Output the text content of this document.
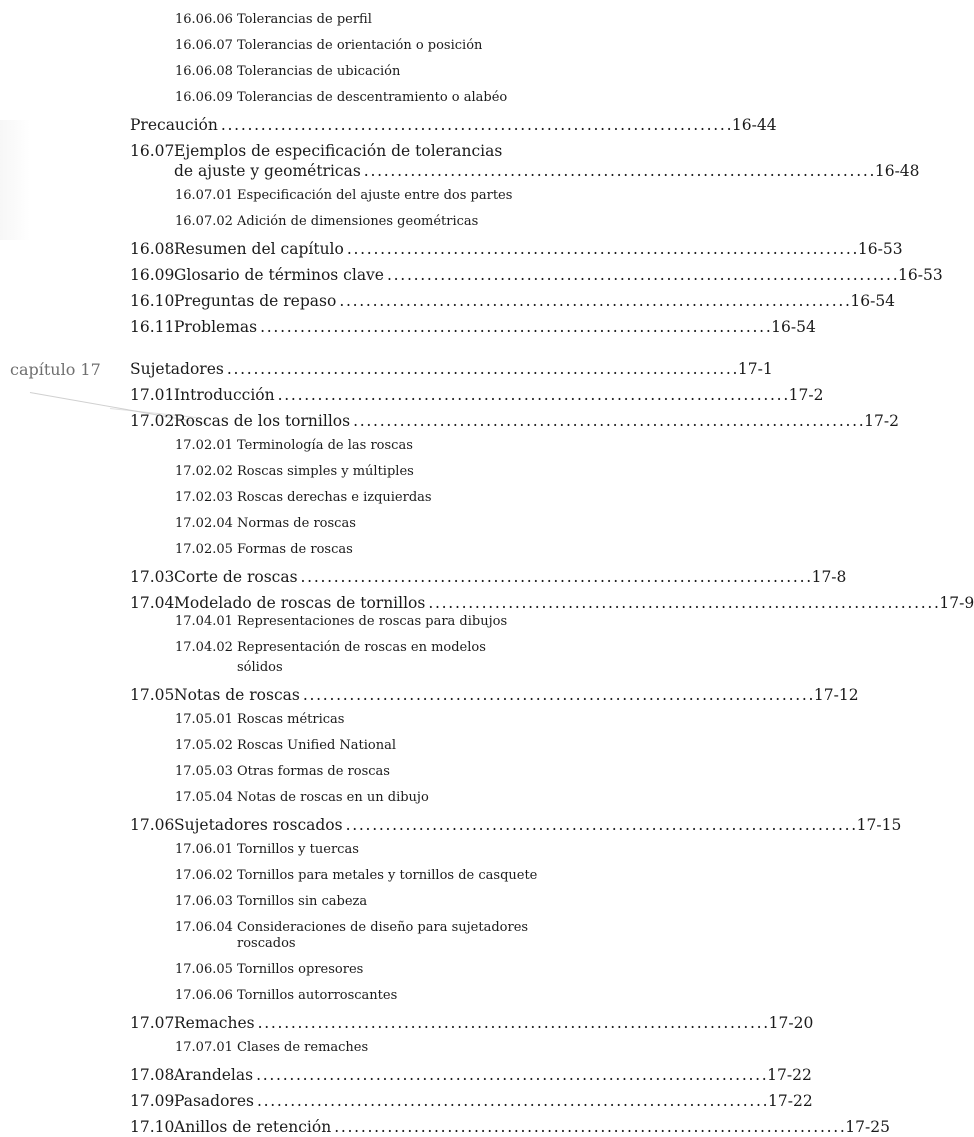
capítulo 17
16.06.06 Tolerancias de perfil
16.06.07 Tolerancias de orientación o posición
16.06.08 Tolerancias de ubicación
16.06.09 Tolerancias de descentramiento o alabéo
Precaución . . .	16-44
16.07 Ejemplos de especificación de tolerancias
de ajuste y geométricas . . .	16-48
16.07.01 Especificación del ajuste entre dos partes
16.07.02 Adición de dimensiones geométricas
16.08 Resumen del capítulo . . .	16-53
16.09 Glosario de términos clave . . .	16-53
16.10 Preguntas de repaso . . .	16-54
16.11 Problemas . . .	16-54
Sujetadores . . .	17-1
17.01 Introducción . . .	17-2
17.02 Roscas de los tornillos . . .	17-2
17.02.01 Terminología de las roscas
17.02.02 Roscas simples y múltiples
17.02.03 Roscas derechas e izquierdas
17.02.04 Normas de roscas
17.02.05 Formas de roscas
17.03 Corte de roscas . . .	17-8
17.04 Modelado de roscas de tornillos . . .	17-9
17.04.01 Representaciones de roscas para dibujos
17.04.02 Representación de roscas en modelos
sólidos
17.05 Notas de roscas . . .	17-12
17.05.01 Roscas métricas
17.05.02 Roscas Unified National
17.05.03 Otras formas de roscas
17.05.04 Notas de roscas en un dibujo
17.06 Sujetadores roscados . . .	17-15
17.06.01 Tornillos y tuercas
17.06.02 Tornillos para metales y tornillos de casquete
17.06.03 Tornillos sin cabeza
17.06.04 Consideraciones de diseño para sujetadores
roscados
17.06.05 Tornillos opresores
17.06.06 Tornillos autorroscantes
17.07 Remaches . . .	17-20
17.07.01 Clases de remaches
17.08 Arandelas . . .	17-22
17.09 Pasadores . . .	17-22
17.10 Anillos de retención . . .	17-25
